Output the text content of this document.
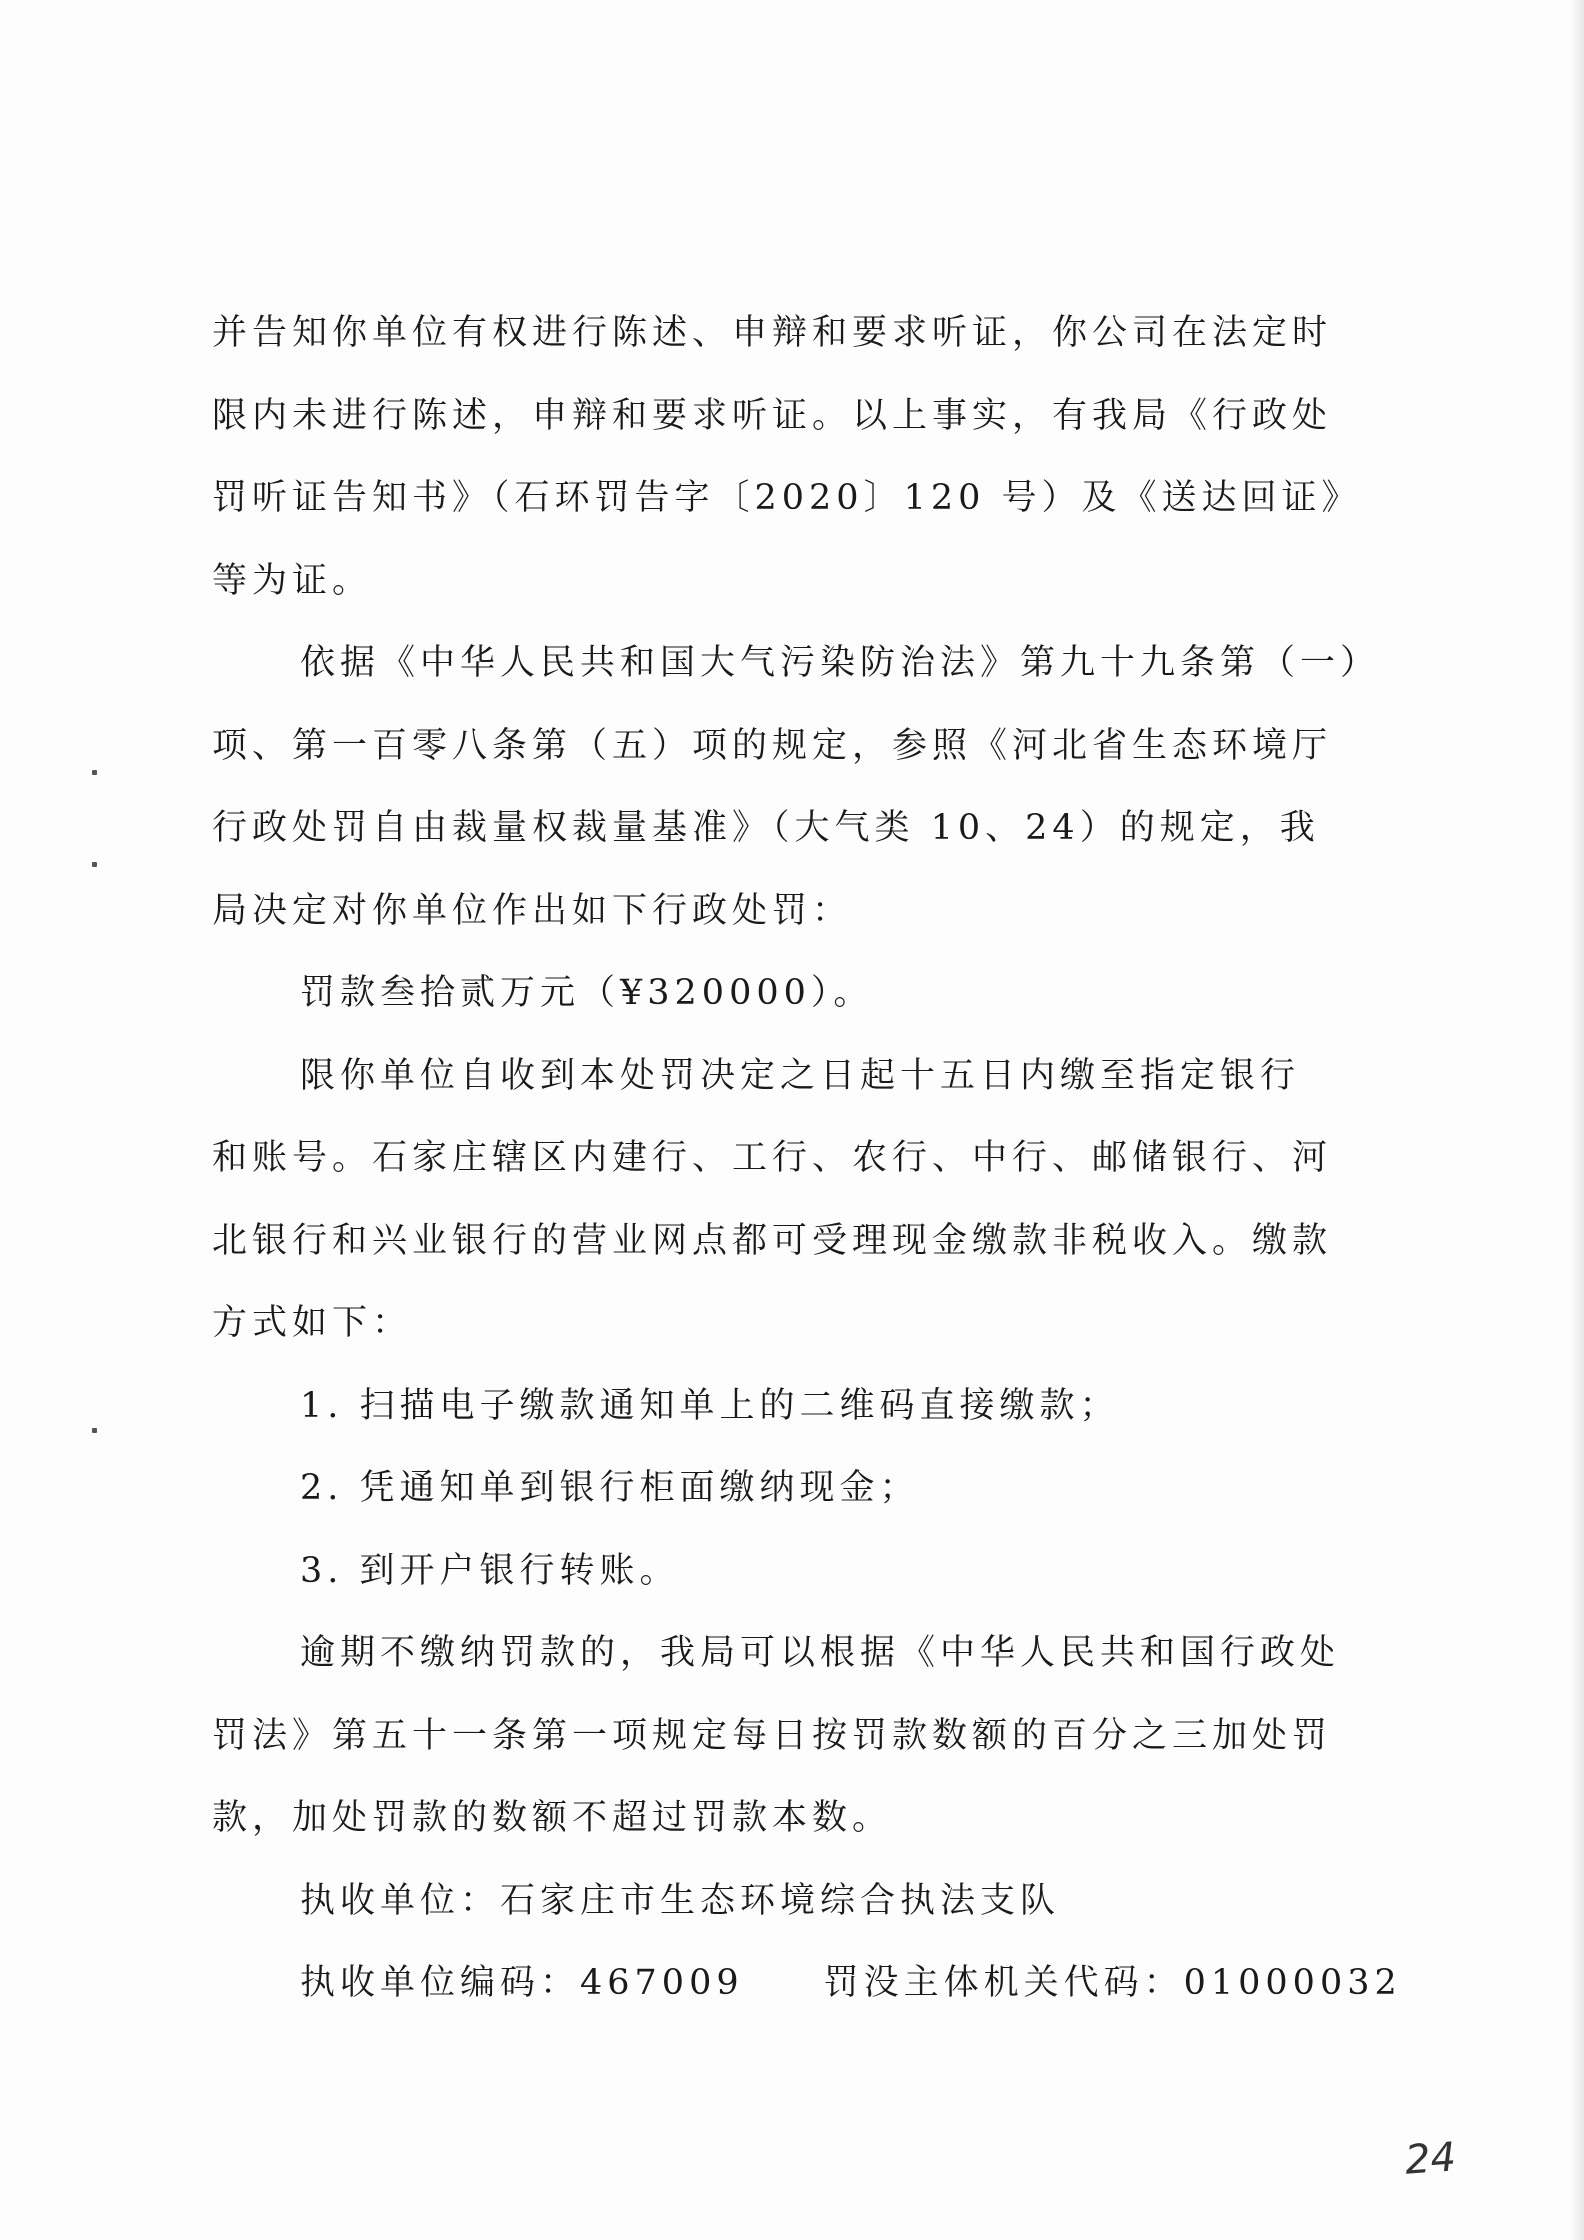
并告知你单位有权进行陈述、申辩和要求听证，你公司在法定时
限内未进行陈述，申辩和要求听证。以上事实，有我局《行政处
罚听证告知书》（石环罚告字〔2020〕120 号）及《送达回证》
等为证。
依据《中华人民共和国大气污染防治法》第九十九条第（一）
项、第一百零八条第（五）项的规定，参照《河北省生态环境厅
行政处罚自由裁量权裁量基准》（大气类 10、24）的规定，我
局决定对你单位作出如下行政处罚：
罚款叁拾贰万元（¥320000）。
限你单位自收到本处罚决定之日起十五日内缴至指定银行
和账号。石家庄辖区内建行、工行、农行、中行、邮储银行、河
北银行和兴业银行的营业网点都可受理现金缴款非税收入。缴款
方式如下：
1. 扫描电子缴款通知单上的二维码直接缴款；
2. 凭通知单到银行柜面缴纳现金；
3. 到开户银行转账。
逾期不缴纳罚款的，我局可以根据《中华人民共和国行政处
罚法》第五十一条第一项规定每日按罚款数额的百分之三加处罚
款，加处罚款的数额不超过罚款本数。
执收单位：石家庄市生态环境综合执法支队
执收单位编码：467009　　罚没主体机关代码：01000032
24
